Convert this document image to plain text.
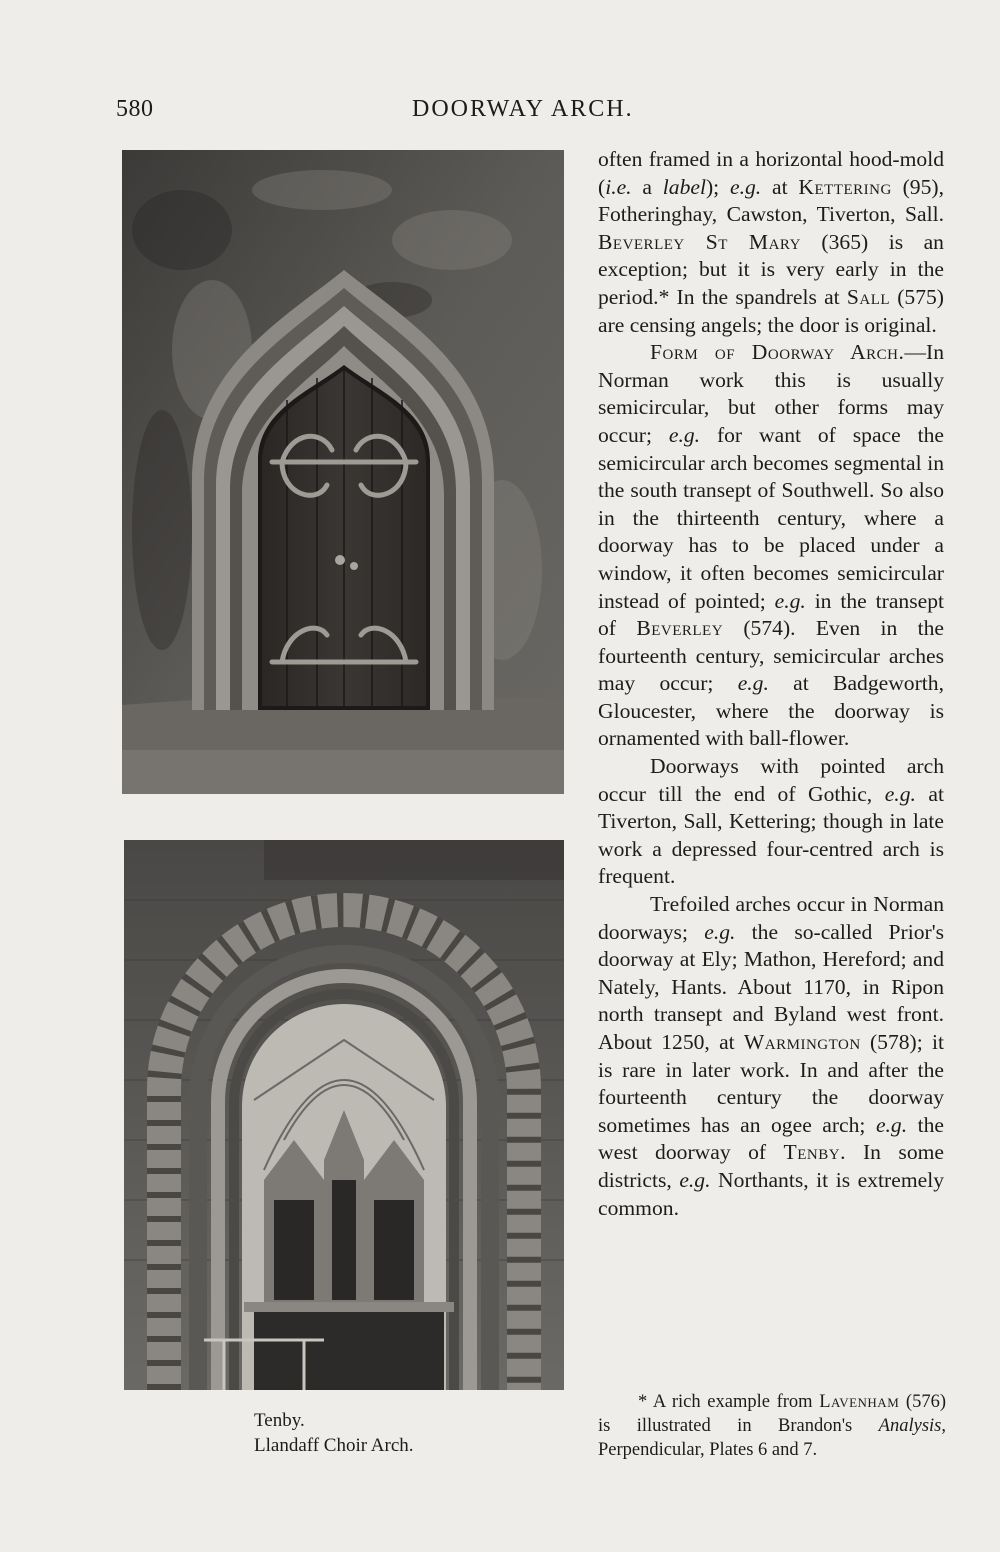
580	DOORWAY ARCH.
Tenby.
Llandaff Choir Arch.

often framed in a horizontal hood-mold (i.e. a label); e.g. at Kettering (95), Fotheringhay, Cawston, Tiverton, Sall. Beverley St Mary (365) is an exception; but it is very early in the period.* In the spandrels at Sall (575) are censing angels; the door is original.

Form of Doorway Arch.—In Norman work this is usually semicircular, but other forms may occur; e.g. for want of space the semicircular arch becomes segmental in the south transept of Southwell. So also in the thirteenth century, where a doorway has to be placed under a window, it often becomes semicircular instead of pointed; e.g. in the transept of Beverley (574). Even in the fourteenth century, semicircular arches may occur; e.g. at Badgeworth, Gloucester, where the doorway is ornamented with ball-flower.

Doorways with pointed arch occur till the end of Gothic, e.g. at Tiverton, Sall, Kettering; though in late work a depressed four-centred arch is frequent.

Trefoiled arches occur in Norman doorways; e.g. the so-called Prior's doorway at Ely; Mathon, Hereford; and Nately, Hants. About 1170, in Ripon north transept and Byland west front. About 1250, at Warmington (578); it is rare in later work. In and after the fourteenth century the doorway sometimes has an ogee arch; e.g. the west doorway of Tenby. In some districts, e.g. Northants, it is extremely common.

* A rich example from Lavenham (576) is illustrated in Brandon's Analysis, Perpendicular, Plates 6 and 7.
